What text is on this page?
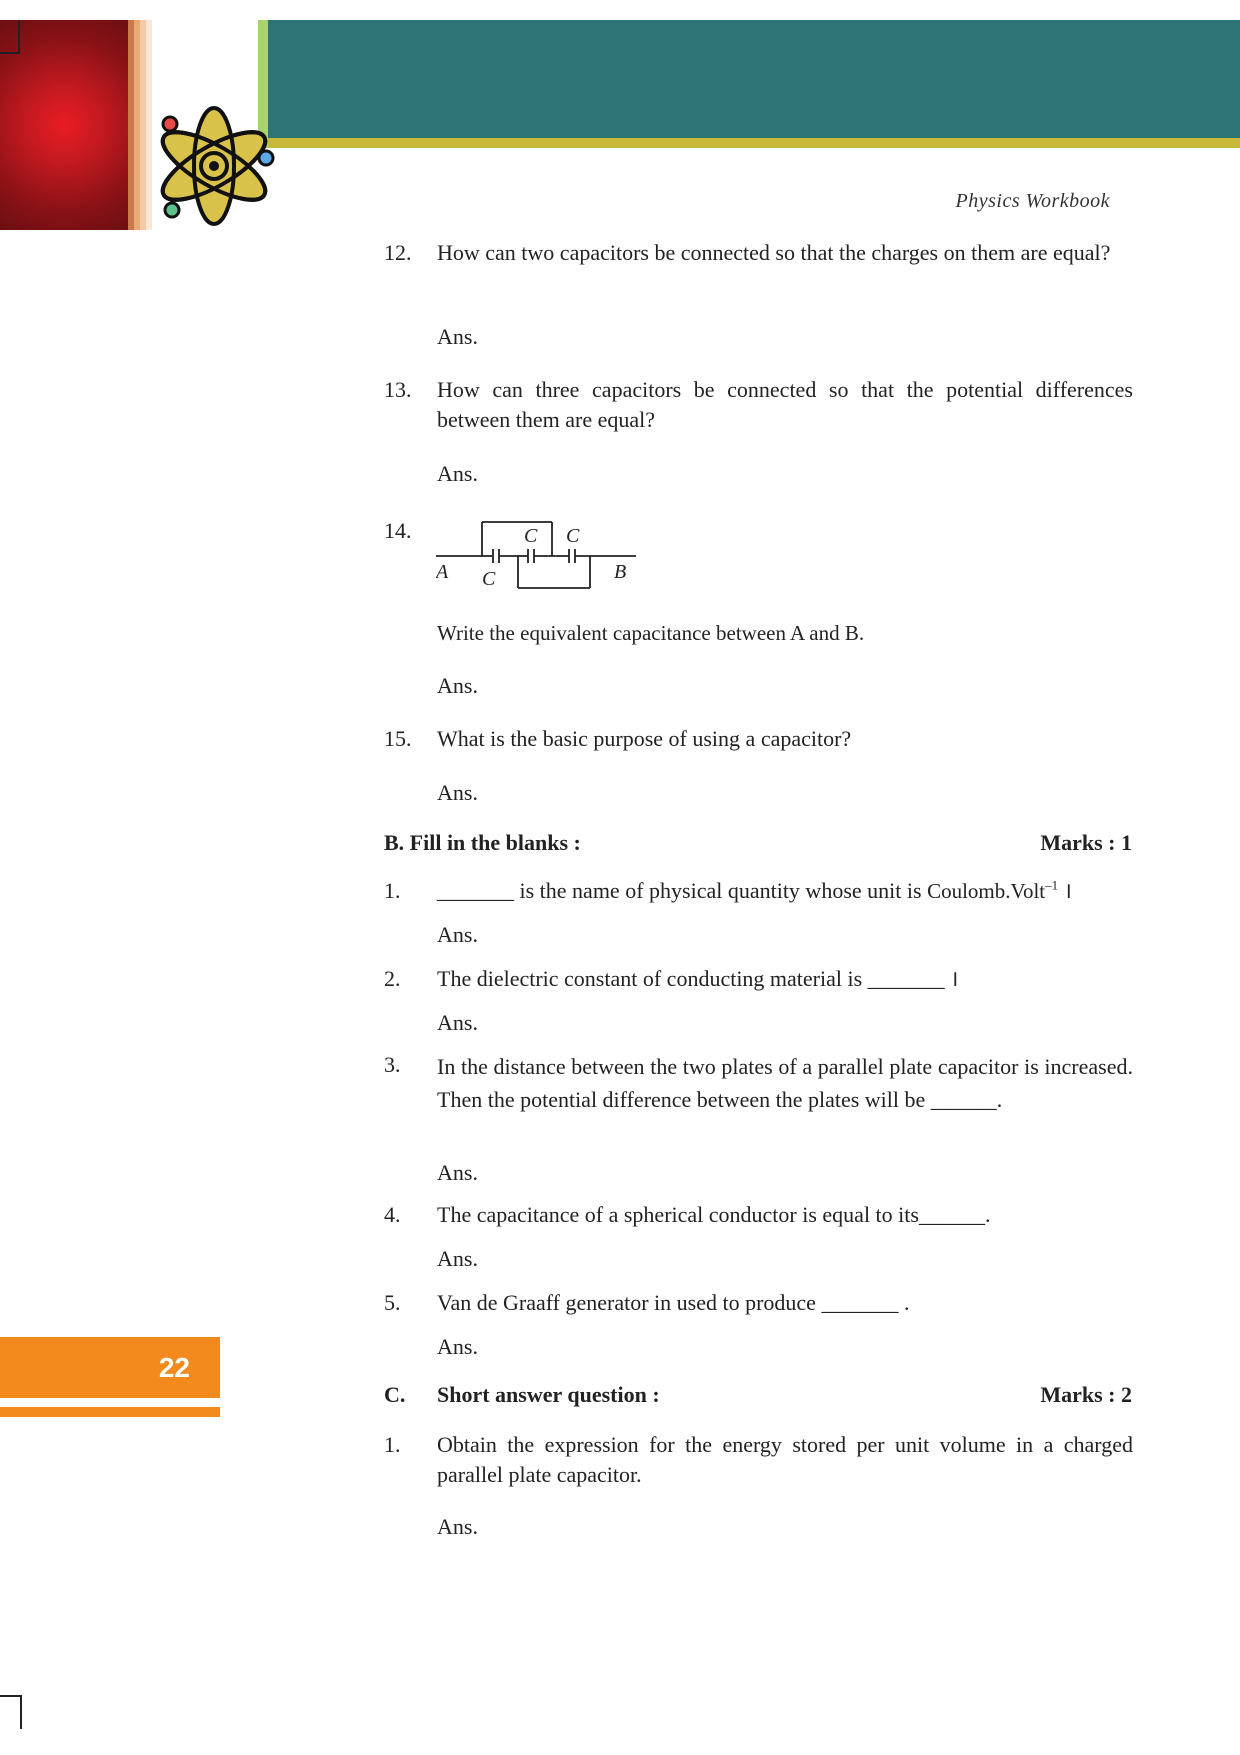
Physics Workbook
12.	How can two capacitors be connected so that the charges on them are equal?
Ans.
13.	How can three capacitors be connected so that the potential differences between them are equal?
Ans.
14.
A C
C C
B
Write the equivalent capacitance between A and B.
Ans.
15.	What is the basic purpose of using a capacitor?
Ans.
B. Fill in the blanks :	Marks : 1
1.	_______ is the name of physical quantity whose unit is Coulomb.Volt$^{-1}$ ।
Ans.
2.	The dielectric constant of conducting material is _______ ।
Ans.
3.	In the distance between the two plates of a parallel plate capacitor is increased. Then the potential difference between the plates will be ______.
Ans.
4.	The capacitance of a spherical conductor is equal to its______.
Ans.
5.	Van de Graaff generator in used to produce _______ .
Ans.
C. Short answer question :	Marks : 2
1.	Obtain the expression for the energy stored per unit volume in a charged parallel plate capacitor.
Ans.
22
